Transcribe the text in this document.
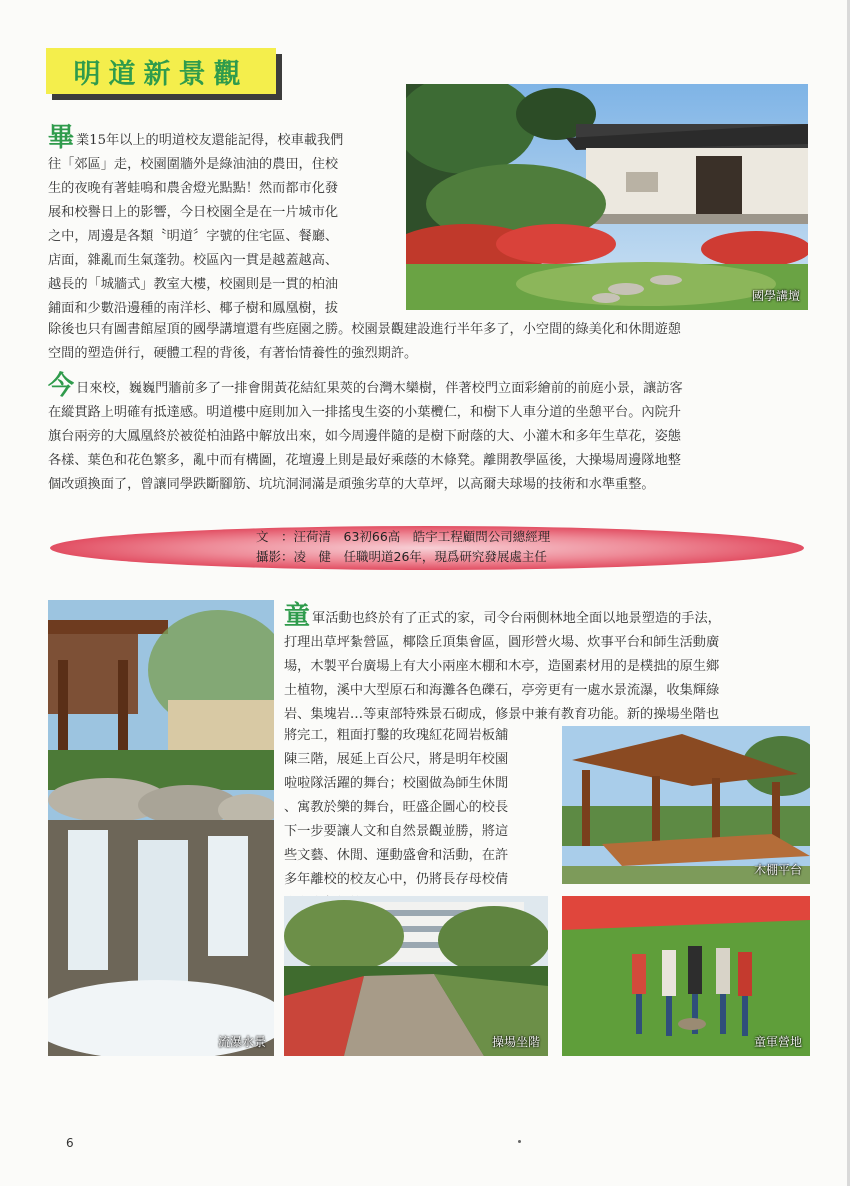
明道新景觀
國學講壇
畢業15年以上的明道校友還能記得，校車載我們
往「郊區」走，校園圍牆外是綠油油的農田，住校
生的夜晚有著蛙鳴和農舍燈光點點！然而都市化發
展和校譽日上的影響，今日校園全是在一片城市化
之中，周邊是各類〝明道〞字號的住宅區、餐廳、
店面，雜亂而生氣蓬勃。校區內一貫是越蓋越高、
越長的「城牆式」教室大樓，校園則是一貫的柏油
鋪面和少數沿邊種的南洋杉、椰子樹和鳳凰樹，拔
除後也只有圖書館屋頂的國學講壇還有些庭園之勝。校園景觀建設進行半年多了，小空間的綠美化和休閒遊憩
空間的塑造併行，硬體工程的背後，有著怡情養性的強烈期許。
今日來校，巍巍門牆前多了一排會開黃花結紅果莢的台灣木欒樹，伴著校門立面彩繪前的前庭小景，讓訪客
在縱貫路上明確有抵達感。明道樓中庭則加入一排搖曳生姿的小葉欖仁，和樹下人車分道的坐憩平台。內院升
旗台兩旁的大鳳凰終於被從柏油路中解放出來，如今周邊伴隨的是樹下耐蔭的大、小灌木和多年生草花，姿態
各樣、葉色和花色繁多，亂中而有構圖，花壇邊上則是最好乘蔭的木條凳。離開教學區後，大操場周邊隊地整
個改頭換面了，曾讓同學跌斷腳筋、坑坑洞洞滿是頑強劣草的大草坪，以高爾夫球場的技術和水準重整。
文　：汪荷清　63初66高　皓宇工程顧問公司總經理
攝影：凌　健　任職明道26年，現爲研究發展處主任
流瀑水景
童軍活動也終於有了正式的家，司令台兩側林地全面以地景塑造的手法，
打理出草坪紮營區，椰陰丘頂集會區，圓形營火場、炊事平台和師生活動廣
場，木製平台廣場上有大小兩座木棚和木亭，造園素材用的是樸拙的原生鄉
土植物，溪中大型原石和海灘各色礫石，亭旁更有一處水景流瀑，收集輝綠
岩、集塊岩…等東部特殊景石砌成，修景中兼有教育功能。新的操場坐階也
將完工，粗面打鑿的玫瑰紅花岡岩板舖
陳三階，展延上百公尺，將是明年校園
啦啦隊活躍的舞台；校園做為師生休閒
、寓教於樂的舞台，旺盛企圖心的校長
下一步要讓人文和自然景觀並勝，將這
些文藝、休閒、運動盛會和活動，在許
多年離校的校友心中，仍將長存母校倩
木棚平台
操場坐階	童軍營地
6
